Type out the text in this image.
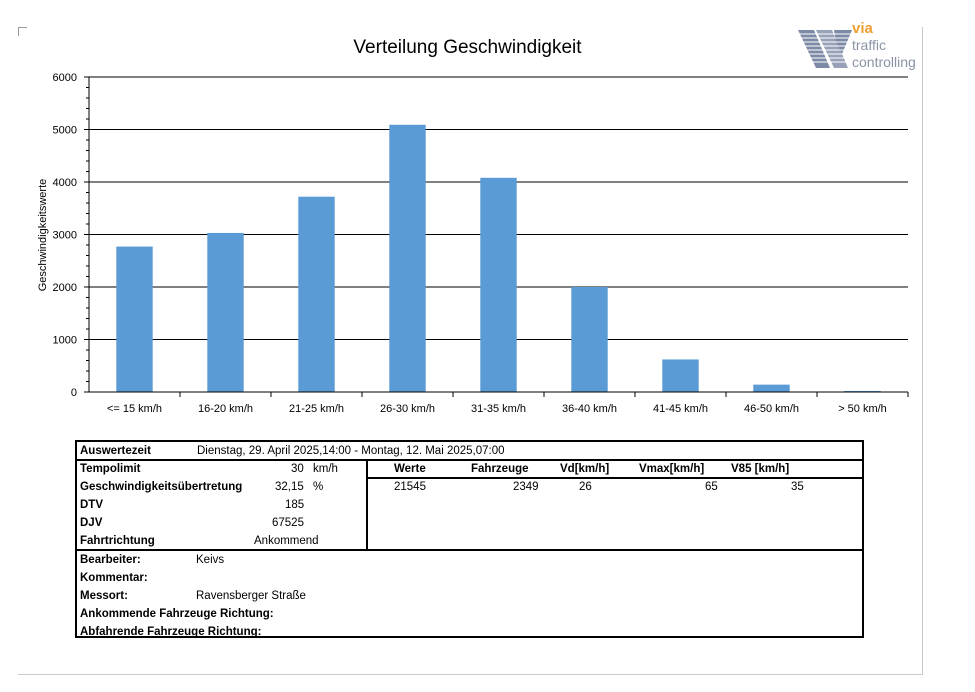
Verteilung Geschwindigkeit
via
traffic
controlling
0
1000
2000
3000
4000
5000
6000
<= 15 km/h	16-20 km/h	21-25 km/h	26-30 km/h	31-35 km/h	36-40 km/h	41-45 km/h	46-50 km/h	> 50 km/h
Geschwindigkeitswerte
Auswertezeit	Dienstag, 29. April 2025,14:00 - Montag, 12. Mai 2025,07:00
Tempolimit	30 km/h
Geschwindigkeitsübertretung	32,15 %
DTV	185
DJV	67525
Fahrtrichtung	Ankommend
Werte	Fahrzeuge	Vd[km/h]	Vmax[km/h] V85 [km/h]
21545	2349	26	65	35
Bearbeiter:	Keivs
Kommentar:
Messort:	Ravensberger Straße
Ankommende Fahrzeuge Richtung:
Abfahrende Fahrzeuge Richtung:
